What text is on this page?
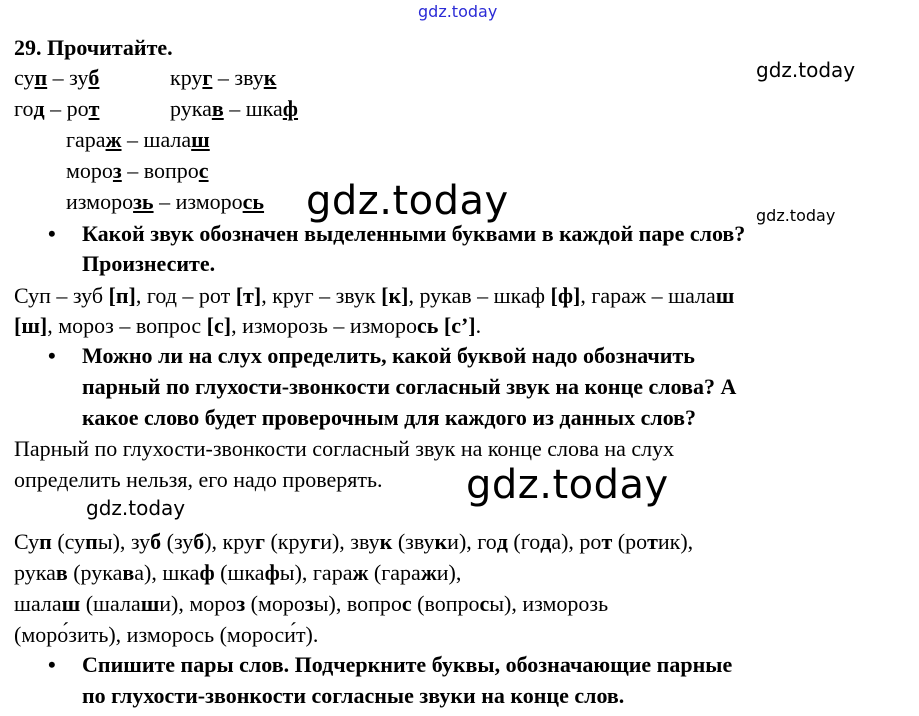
gdz.today
gdz.today
gdz.today	gdz.today
gdz.today
gdz.today
29. Прочитайте.
суп – зуб	круг – звук
год – рот	рукав – шкаф
гараж – шалаш
мороз – вопрос
изморозь – изморось
• Какой звук обозначен выделенными буквами в каждой паре слов?
Произнесите.
Суп – зуб [п], год – рот [т], круг – звук [к], рукав – шкаф [ф], гараж – шалаш
[ш], мороз – вопрос [с], изморозь – изморось [с’].
• Можно ли на слух определить, какой буквой надо обозначить
парный по глухости-звонкости согласный звук на конце слова? А
какое слово будет проверочным для каждого из данных слов?
Парный по глухости-звонкости согласный звук на конце слова на слух
определить нельзя, его надо проверять.
Суп (супы), зуб (зуб), круг (круги), звук (звуки), год (года), рот (ротик),
рукав (рукава), шкаф (шкафы), гараж (гаражи),
шалаш (шалаши), мороз (морозы), вопрос (вопросы), изморозь
(моро́зить), изморось (мороси́т).
• Спишите пары слов. Подчеркните буквы, обозначающие парные
по глухости-звонкости согласные звуки на конце слов.
